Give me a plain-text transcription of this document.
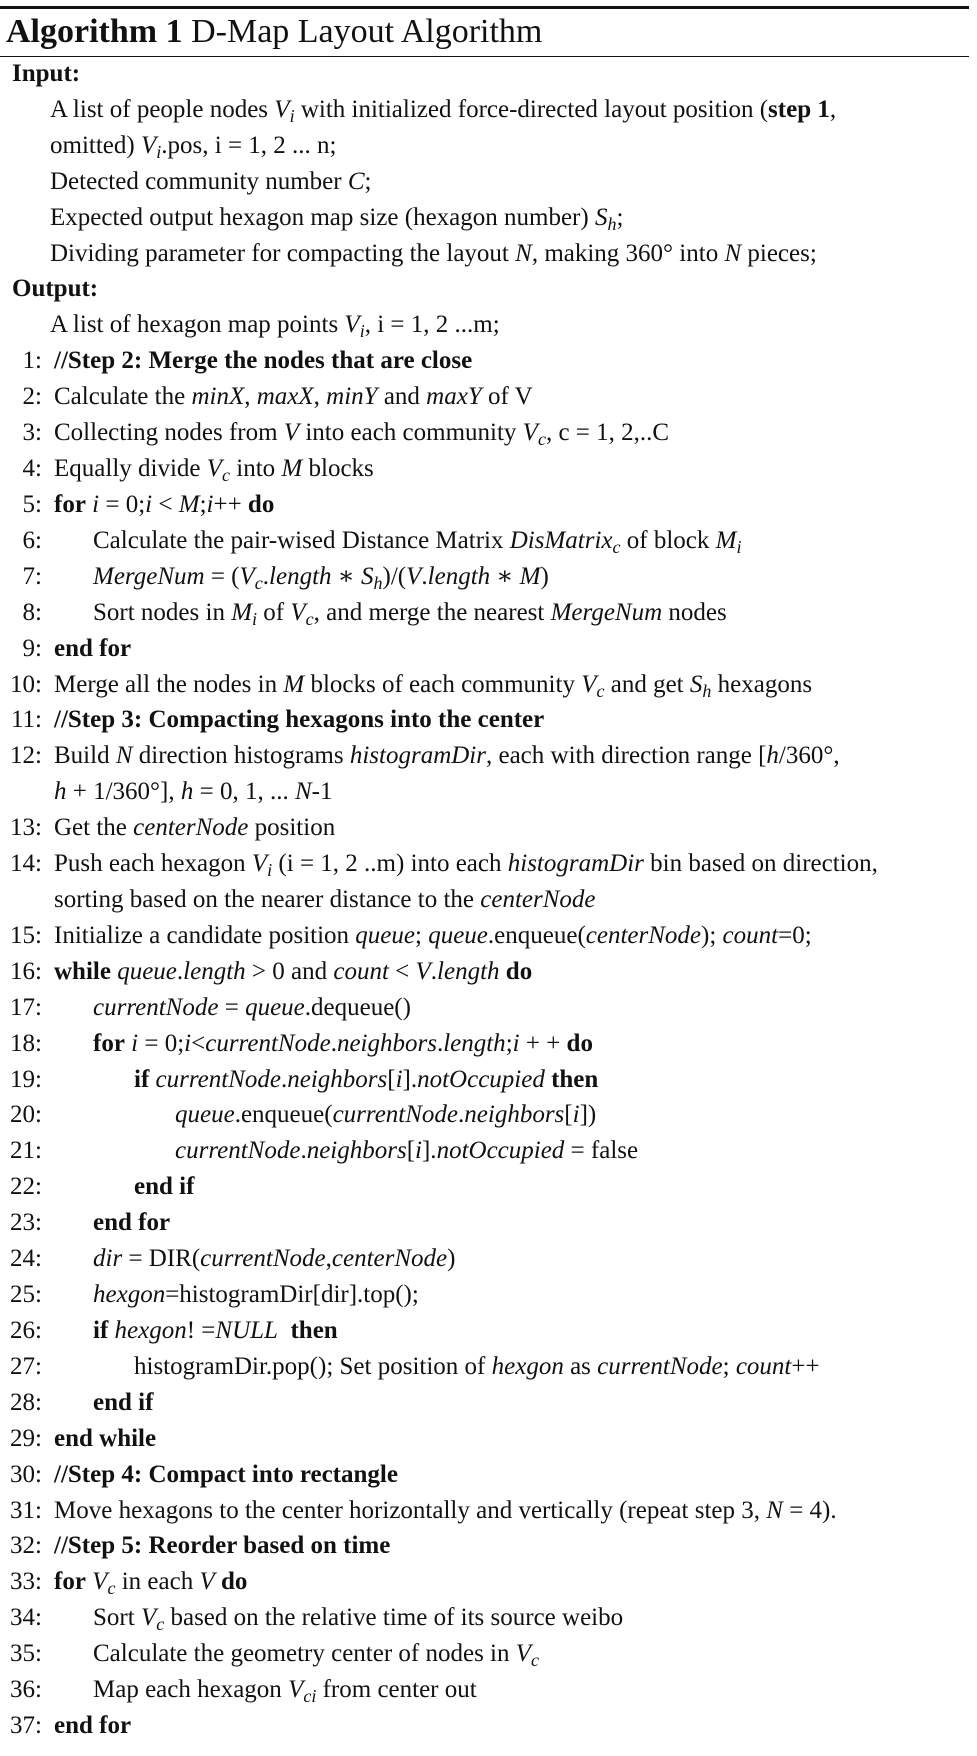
Algorithm 1 D-Map Layout Algorithm
Input:
A list of people nodes $V_i$ with initialized force-directed layout position (step 1,
omitted) $V_i.pos$, i = 1, 2 ... n;
Detected community number C;
Expected output hexagon map size (hexagon number) $S_h$;
Dividing parameter for compacting the layout N, making 360° into N pieces;
Output:
A list of hexagon map points $V_i$, i = 1, 2 ...m;
1: //Step 2: Merge the nodes that are close
2: Calculate the minX, maxX, minY and maxY of V
3: Collecting nodes from V into each community $V_c$, c = 1, 2,..C
4: Equally divide $V_c$ into M blocks
5: for i = 0;i < M;i++ do
6: Calculate the pair-wised Distance Matrix DisMatrix$_c$ of block $M_i$
7: MergeNum = ($V_c.length$ ∗ $S_h)/(V.length$ ∗ M)
8: Sort nodes in $M_i$ of $V_c$, and merge the nearest MergeNum nodes
9: end for
10: Merge all the nodes in M blocks of each community $V_c$ and get $S_h$ hexagons
11: //Step 3: Compacting hexagons into the center
12: Build N direction histograms histogramDir, each with direction range [h/360°,
h + 1/360°], h = 0, 1, ... N-1
13: Get the centerNode position
14: Push each hexagon $V_i$ (i = 1, 2 ..m) into each histogramDir bin based on direction,
sorting based on the nearer distance to the centerNode
15: Initialize a candidate position queue; queue.enqueue(centerNode); count=0;
16: while queue.length > 0 and count < V.length do
17: currentNode = queue.dequeue()
18: for i = 0;i<currentNode.neighbors.length;i + + do
19:	if currentNode.neighbors[i].notOccupied then
20:	queue.enqueue(currentNode.neighbors[i])
21:	currentNode.neighbors[i].notOccupied = false
22:	end if
23: end for
24: dir = DIR(currentNode,centerNode)
25: hexgon=histogramDir[dir].top();
26: if hexgon! =NULL then
27:	histogramDir.pop(); Set position of hexgon as currentNode; count++
28: end if
29: end while
30: //Step 4: Compact into rectangle
31: Move hexagons to the center horizontally and vertically (repeat step 3, N = 4).
32: //Step 5: Reorder based on time
33: for $V_c$ in each V do
34: Sort $V_c$ based on the relative time of its source weibo
35: Calculate the geometry center of nodes in $V_c$
36: Map each hexagon $V_{ci}$ from center out
37: end for
